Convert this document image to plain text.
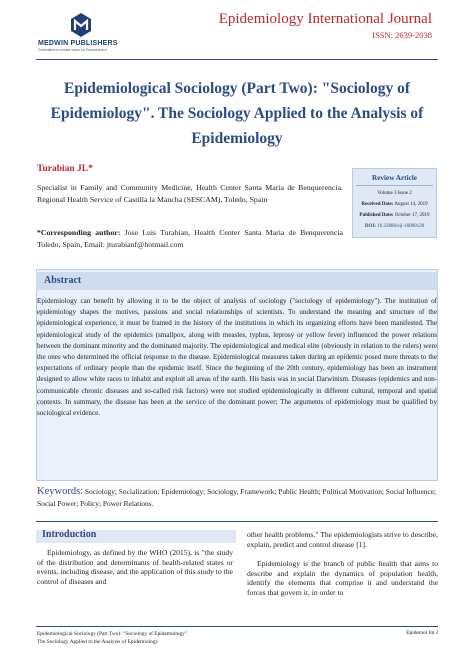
MEDWIN PUBLISHERS
Committed to create value for Researchers
Epidemiology International Journal
ISSN: 2639-2038
Epidemiological Sociology (Part Two): "Sociology of Epidemiology". The Sociology Applied to the Analysis of Epidemiology
Turabian JL*
Specialist in Family and Community Medicine, Health Center Santa Maria de Benquerencia. Regional Health Service of Castilla la Mancha (SESCAM), Toledo, Spain
*Corresponding author: Jose Luis Turabian, Health Center Santa Maria de Benquerencia Toledo, Spain, Email: jturabianf@hotmail.com
Review Article
Volume 3 Issue 2
Received Date: August 14, 2019
Published Date: October 17, 2019
DOI: 10.23880/eij-16000128
Abstract
Epidemiology can benefit by allowing it to be the object of analysis of sociology ("sociology of epidemiology"). The institution of epidemiology shapes the motives, passions and social relationships of scientists. To understand the meaning and structure of the epidemiological experience, it must be framed in the history of the institutions in which its organizing efforts have been manifested. The epidemiological study of the epidemics (smallpox, along with measles, typhus, leprosy or yellow fever) influenced the power relations between the dominant minority and the dominated majority. The epidemiological and medical elite (obviously in relation to the rulers) were the ones who determined the official response to the disease. Epidemiological measures taken during an epidemic posed more threats to the expectations of ordinary people than the epidemic itself. Since the beginning of the 20th century, epidemiology has been an instrument designed to allow white races to inhabit and exploit all areas of the earth. His basis was in social Darwinism. Diseases (epidemics and non-communicable chronic diseases and so-called risk factors) were not studied epidemiologically in different cultural, temporal and spatial contexts. In summary, the disease has been at the service of the dominant power; The arguments of epidemiology must be qualified by sociological evidence.
Keywords: Sociology; Socialization; Epidemiology; Sociology, Framework; Public Health; Political Motivation; Social Influence; Social Power; Policy; Power Relations.
Introduction

Epidemiology, as defined by the WHO (2015), is "the study of the distribution and determinants of health-related states or events, including disease, and the application of this study to the control of diseases and

other health problems." The epidemiologists strive to describe, explain, predict and control disease [1].

Epidemiology is the branch of public health that aims to describe and explain the dynamics of population health, identify the elements that comprise it and understand the forces that govern it, in order to

Epidemiological Sociology (Part Two): "Sociology of Epidemiology".
The Sociology Applied to the Analysis of Epidemiology
Epidemol Int J
